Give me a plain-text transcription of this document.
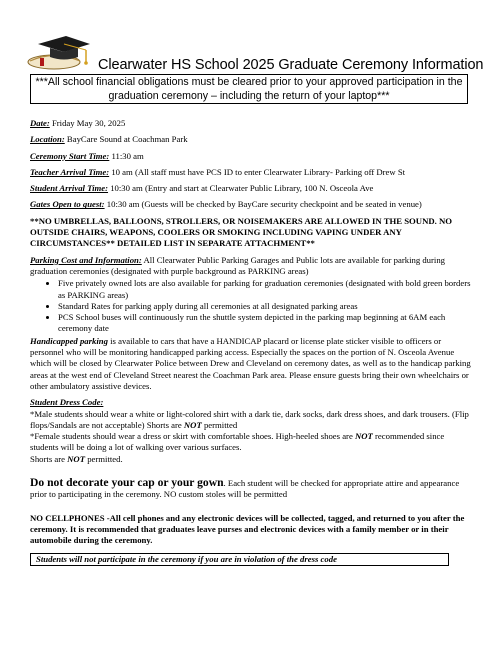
Clearwater HS School 2025 Graduate Ceremony Information
***All school financial obligations must be cleared prior to your approved participation in the graduation ceremony – including the return of your laptop***

Date: Friday May 30, 2025

Location: BayCare Sound at Coachman Park

Ceremony Start Time: 11:30 am

Teacher Arrival Time: 10 am (All staff must have PCS ID to enter Clearwater Library- Parking off Drew St

Student Arrival Time: 10:30 am (Entry and start at Clearwater Public Library, 100 N. Osceola Ave

Gates Open to guest: 10:30 am (Guests will be checked by BayCare security checkpoint and be seated in venue)

**NO UMBRELLAS, BALLOONS, STROLLERS, OR NOISEMAKERS ARE ALLOWED IN THE SOUND. NO OUTSIDE CHAIRS, WEAPONS, COOLERS OR SMOKING INCLUDING VAPING UNDER ANY CIRCUMSTANCES** DETAILED LIST IN SEPARATE ATTACHMENT**

Parking Cost and Information: All Clearwater Public Parking Garages and Public lots are available for parking during graduation ceremonies (designated with purple background as PARKING areas)

• Five privately owned lots are also available for parking for graduation ceremonies (designated with bold green borders as PARKING areas)
• Standard Rates for parking apply during all ceremonies at all designated parking areas
• PCS School buses will continuously run the shuttle system depicted in the parking map beginning at 6AM each ceremony date

Handicapped parking is available to cars that have a HANDICAP placard or license plate sticker visible to officers or personnel who will be monitoring handicapped parking access. Especially the spaces on the portion of N. Osceola Avenue which will be closed by Clearwater Police between Drew and Cleveland on ceremony dates, as well as to the handicap parking areas at the west end of Cleveland Street nearest the Coachman Park area. Please ensure guests bring their own wheelchairs or other ambulatory assistive devices.

Student Dress Code:

*Male students should wear a white or light-colored shirt with a dark tie, dark socks, dark dress shoes, and dark trousers. (Flip flops/Sandals are not acceptable) Shorts are NOT permitted

*Female students should wear a dress or skirt with comfortable shoes. High-heeled shoes are NOT recommended since students will be doing a lot of walking over various surfaces.

Shorts are NOT permitted.

Do not decorate your cap or your gown. Each student will be checked for appropriate attire and appearance prior to participating in the ceremony. NO custom stoles will be permitted

NO CELLPHONES -All cell phones and any electronic devices will be collected, tagged, and returned to you after the ceremony. It is recommended that graduates leave purses and electronic devices with a family member or in their automobile during the ceremony.

Students will not participate in the ceremony if you are in violation of the dress code
